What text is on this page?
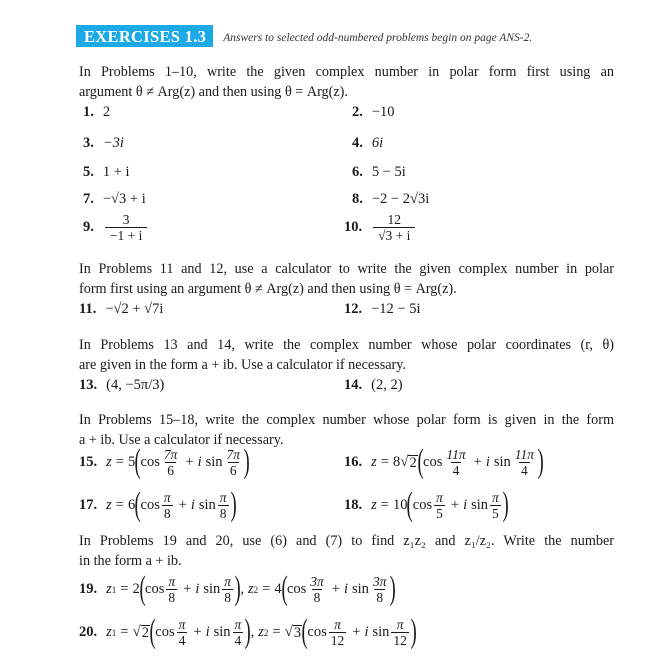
EXERCISES 1.3	Answers to selected odd-numbered problems begin on page ANS-2.
In Problems 1–10, write the given complex number in polar form first using an
argument θ ≠ Arg(z) and then using θ = Arg(z).
1. 2	2. −10
3. −3i	4. 6i
5. 1 + i	6. 5 − 5i
7. −√3 + i	8. −2 − 2√3i
9. $\frac{3}{-1 + i}$	10. $\frac{12}{√3 + i}$
In Problems 11 and 12, use a calculator to write the given complex number in polar
form first using an argument θ ≠ Arg(z) and then using θ = Arg(z).
11. −√2 + √7i	12. −12 − 5i
In Problems 13 and 14, write the complex number whose polar coordinates (r, θ)
are given in the form a + ib. Use a calculator if necessary.
13. (4, −5π/3)	14. (2, 2)
In Problems 15–18, write the complex number whose polar form is given in the form
a + ib. Use a calculator if necessary.
15. z = 5 ( $\cos \frac{7\pi}{6} + i$ $\sin \frac{7\pi}{6}$ )	16. z = 8 √ 2 ( $\cos \frac{11\pi}{4} + i$ $\sin \frac{11\pi}{4}$ )
17. z = 6 ( $\cos \frac{\pi}{8} + i$ $\sin \frac{\pi}{8}$ )	18. z = 10 ( $\cos \frac{\pi}{5} + i$ $\sin \frac{\pi}{5}$ )
In Problems 19 and 20, use (6) and (7) to find z₁z₂ and z₁/z₂. Write the number
in the form a + ib.
19. z 1 = 2 ( $\cos \frac{\pi}{8} + i$ $\sin \frac{\pi}{8}$ ) , z 2 = 4 ( $\cos \frac{3\pi}{8} + i$ $\sin \frac{3\pi}{8}$ )
20. z 1 = √ 2 ( $\cos \frac{\pi}{4} + i$ $\sin \frac{\pi}{4}$ ) , z 2 = √ 3 ( $\cos \frac{\pi}{12} + i$ $\sin \frac{\pi}{12}$ )
